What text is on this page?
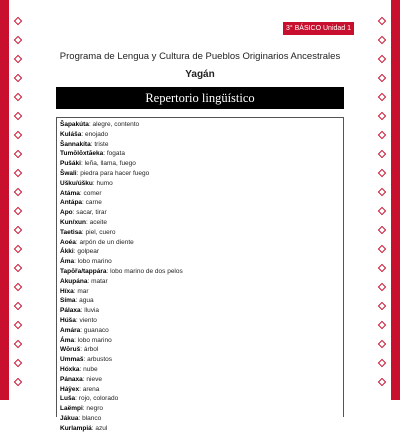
3° BÁSICO Unidad 1
Programa de Lengua y Cultura de Pueblos Originarios Ancestrales
Yagán
Repertorio lingüístico
Šapakúta: alegre, contento
Kuláša: enojado
Šannakíta: triste
Tumōlōxtāeka: fogata
Pušáki: leña, llama, fuego
Šwali: piedra para hacer fuego
Ušku/úšku: humo
Atáma: comer
Antápa: carne
Apo: sacar, tirar
Kun/xun: aceite
Taetisa: piel, cuero
Aoéa: arpón de un diente
Ákki: golpear
Áma: lobo marino
Tapōřa/tappára: lobo marino de dos pelos
Akupána: matar
Híxa: mar
Síma: agua
Pálaxa: lluvia
Húša: viento
Amára: guanaco
Áma: lobo marino
Wōruš: árbol
Ummaš: arbustos
Hóxka: nube
Pánaxa: nieve
Háÿex: arena
Luša: rojo, colorado
Laëmpi: negro
Jákua: blanco
Kurlampiá: azul
